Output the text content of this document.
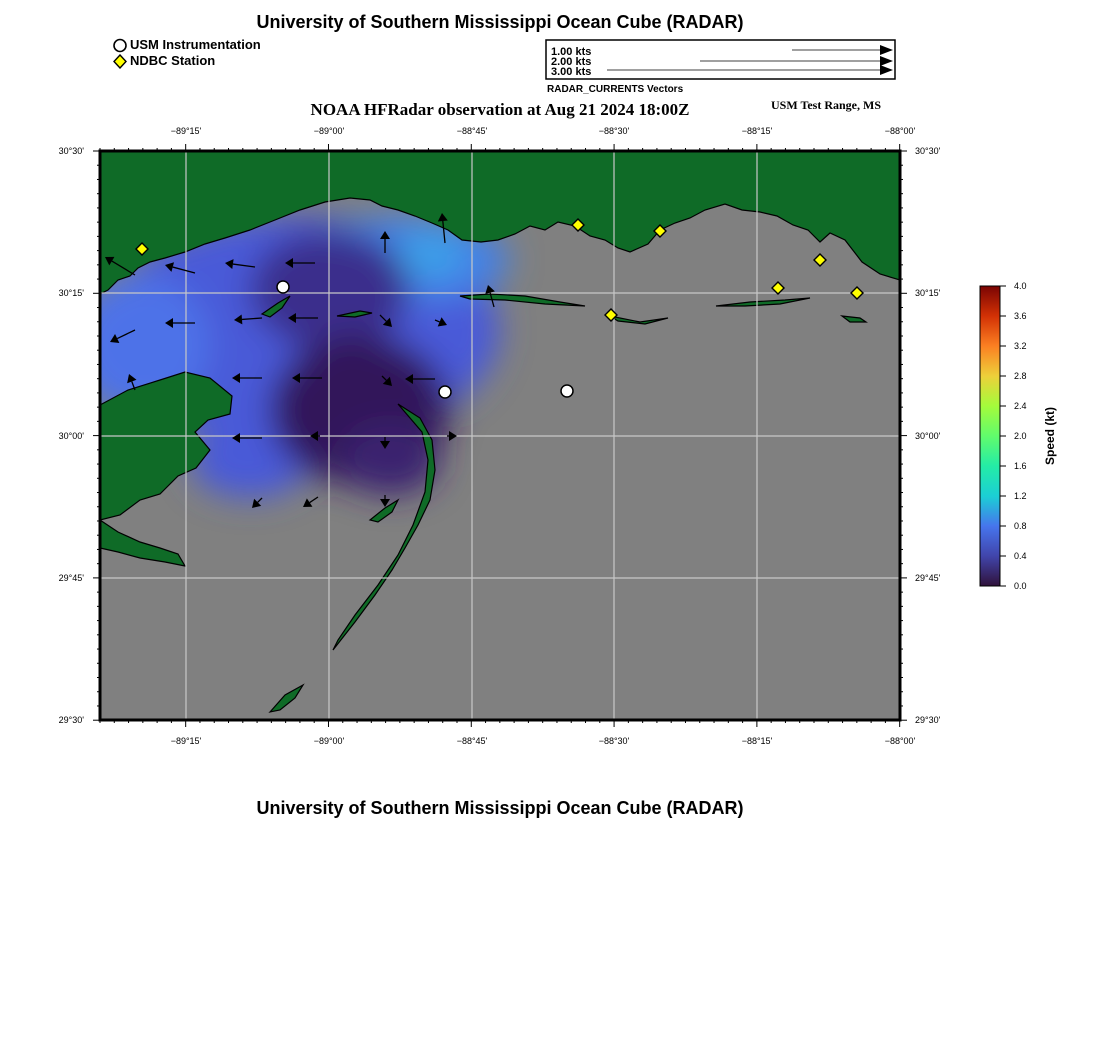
University of Southern Mississippi Ocean Cube (RADAR)
USM Instrumentation
NDBC Station
1.00 kts
2.00 kts
3.00 kts
RADAR_CURRENTS Vectors
NOAA HFRadar observation at Aug 21 2024 18:00Z	USM Test Range, MS
−89°15'	−89°00'	−88°45'	−88°30'	−88°15'	−88°00'
−89°15'	−89°00'	−88°45'	−88°30'	−88°15'	−88°00'
30°30'
30°15'
30°00'
29°45'
29°30'
30°30'
30°15'
30°00'
29°45'
29°30'
4.0
3.6
3.2
2.8
2.4
2.0
1.6
1.2
0.8
0.4
0.0
Speed (kt)
University of Southern Mississippi Ocean Cube (RADAR)
